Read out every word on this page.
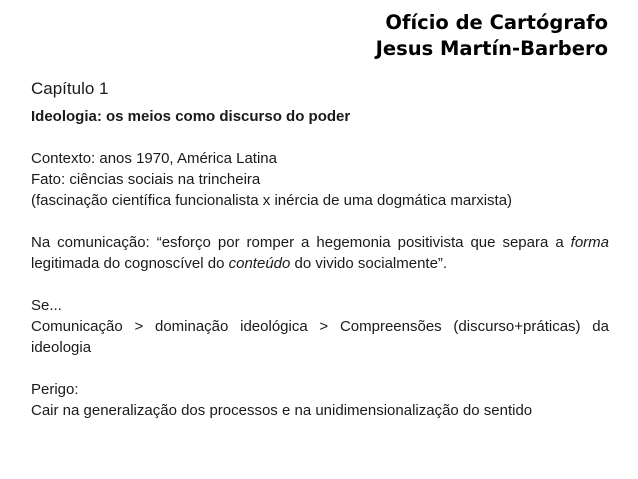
Ofício de Cartógrafo
Jesus Martín-Barbero

Capítulo 1

Ideologia: os meios como discurso do poder

Contexto: anos 1970, América Latina

Fato: ciências sociais na trincheira

(fascinação científica funcionalista x inércia de uma dogmática marxista)

Na comunicação: “esforço por romper a hegemonia positivista que separa a forma legitimada do cognoscível do conteúdo do vivido socialmente”.

Se...

Comunicação > dominação ideológica > Compreensões (discurso+práticas) da ideologia

Perigo:

Cair na generalização dos processos e na unidimensionalização do sentido
